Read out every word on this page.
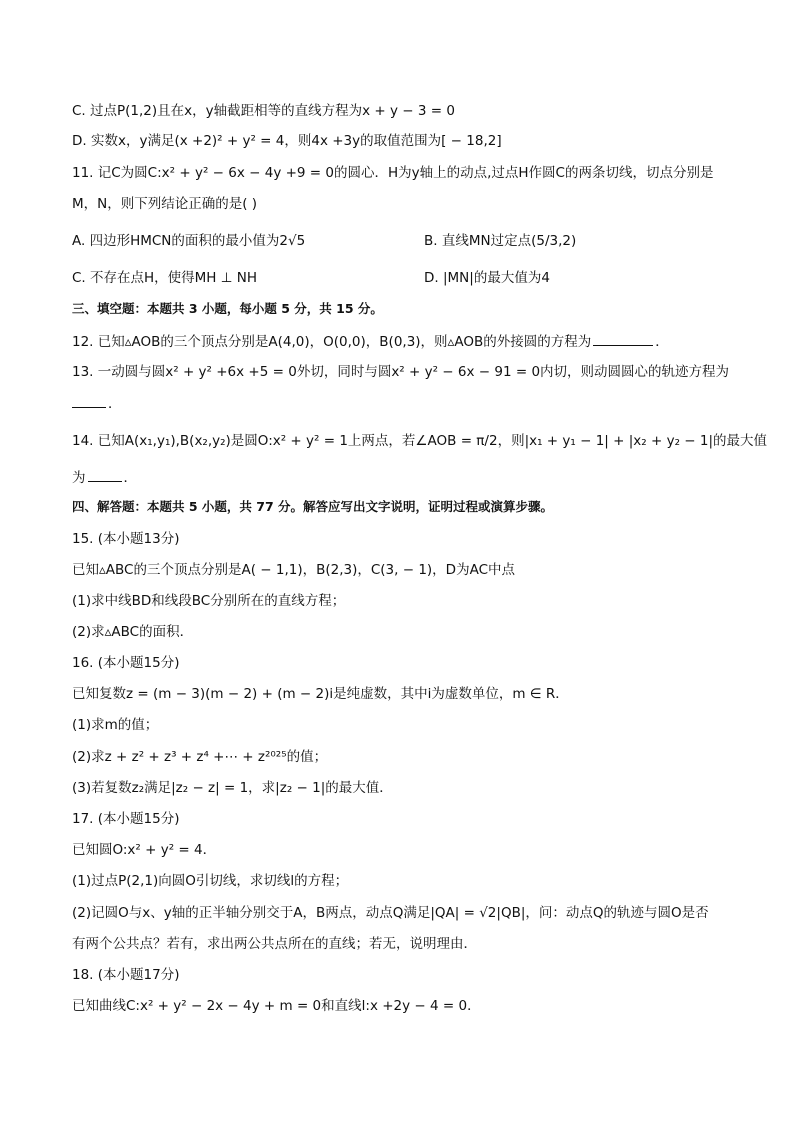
C. 过点P(1,2)且在x，y轴截距相等的直线方程为x + y − 3 = 0
D. 实数x，y满足(x +2)² + y² = 4，则4x +3y的取值范围为[ − 18,2]
11. 记C为圆C:x² + y² − 6x − 4y +9 = 0的圆心．H为y轴上的动点,过点H作圆C的两条切线，切点分别是
M，N，则下列结论正确的是( )
A. 四边形HMCN的面积的最小值为2√5	B. 直线MN过定点(5/3,2)
C. 不存在点H，使得MH ⊥ NH	D. |MN|的最大值为4
三、填空题：本题共 3 小题，每小题 5 分，共 15 分。
12. 已知▵AOB的三个顶点分别是A(4,0)，O(0,0)，B(0,3)，则▵AOB的外接圆的方程为	．
13. 一动圆与圆x² + y² +6x +5 = 0外切，同时与圆x² + y² − 6x − 91 = 0内切，则动圆圆心的轨迹方程为
．
14. 已知A(x₁,y₁),B(x₂,y₂)是圆O:x² + y² = 1上两点，若∠AOB = π/2，则|x₁ + y₁ − 1| + |x₂ + y₂ − 1|的最大值
为	．
四、解答题：本题共 5 小题，共 77 分。解答应写出文字说明，证明过程或演算步骤。
15. (本小题13分)
已知▵ABC的三个顶点分别是A( − 1,1)，B(2,3)，C(3, − 1)，D为AC中点
(1)求中线BD和线段BC分别所在的直线方程；
(2)求▵ABC的面积．
16. (本小题15分)
已知复数z = (m − 3)(m − 2) + (m − 2)i是纯虚数，其中i为虚数单位，m ∈ R．
(1)求m的值；
(2)求z + z² + z³ + z⁴ +⋯ + z²⁰²⁵的值；
(3)若复数z₂满足|z₂ − z| = 1，求|z₂ − 1|的最大值．
17. (本小题15分)
已知圆O:x² + y² = 4．
(1)过点P(2,1)向圆O引切线，求切线l的方程；
(2)记圆O与x、y轴的正半轴分别交于A，B两点，动点Q满足|QA| = √2|QB|，问：动点Q的轨迹与圆O是否
有两个公共点？若有，求出两公共点所在的直线；若无，说明理由．
18. (本小题17分)
已知曲线C:x² + y² − 2x − 4y + m = 0和直线l:x +2y − 4 = 0．
